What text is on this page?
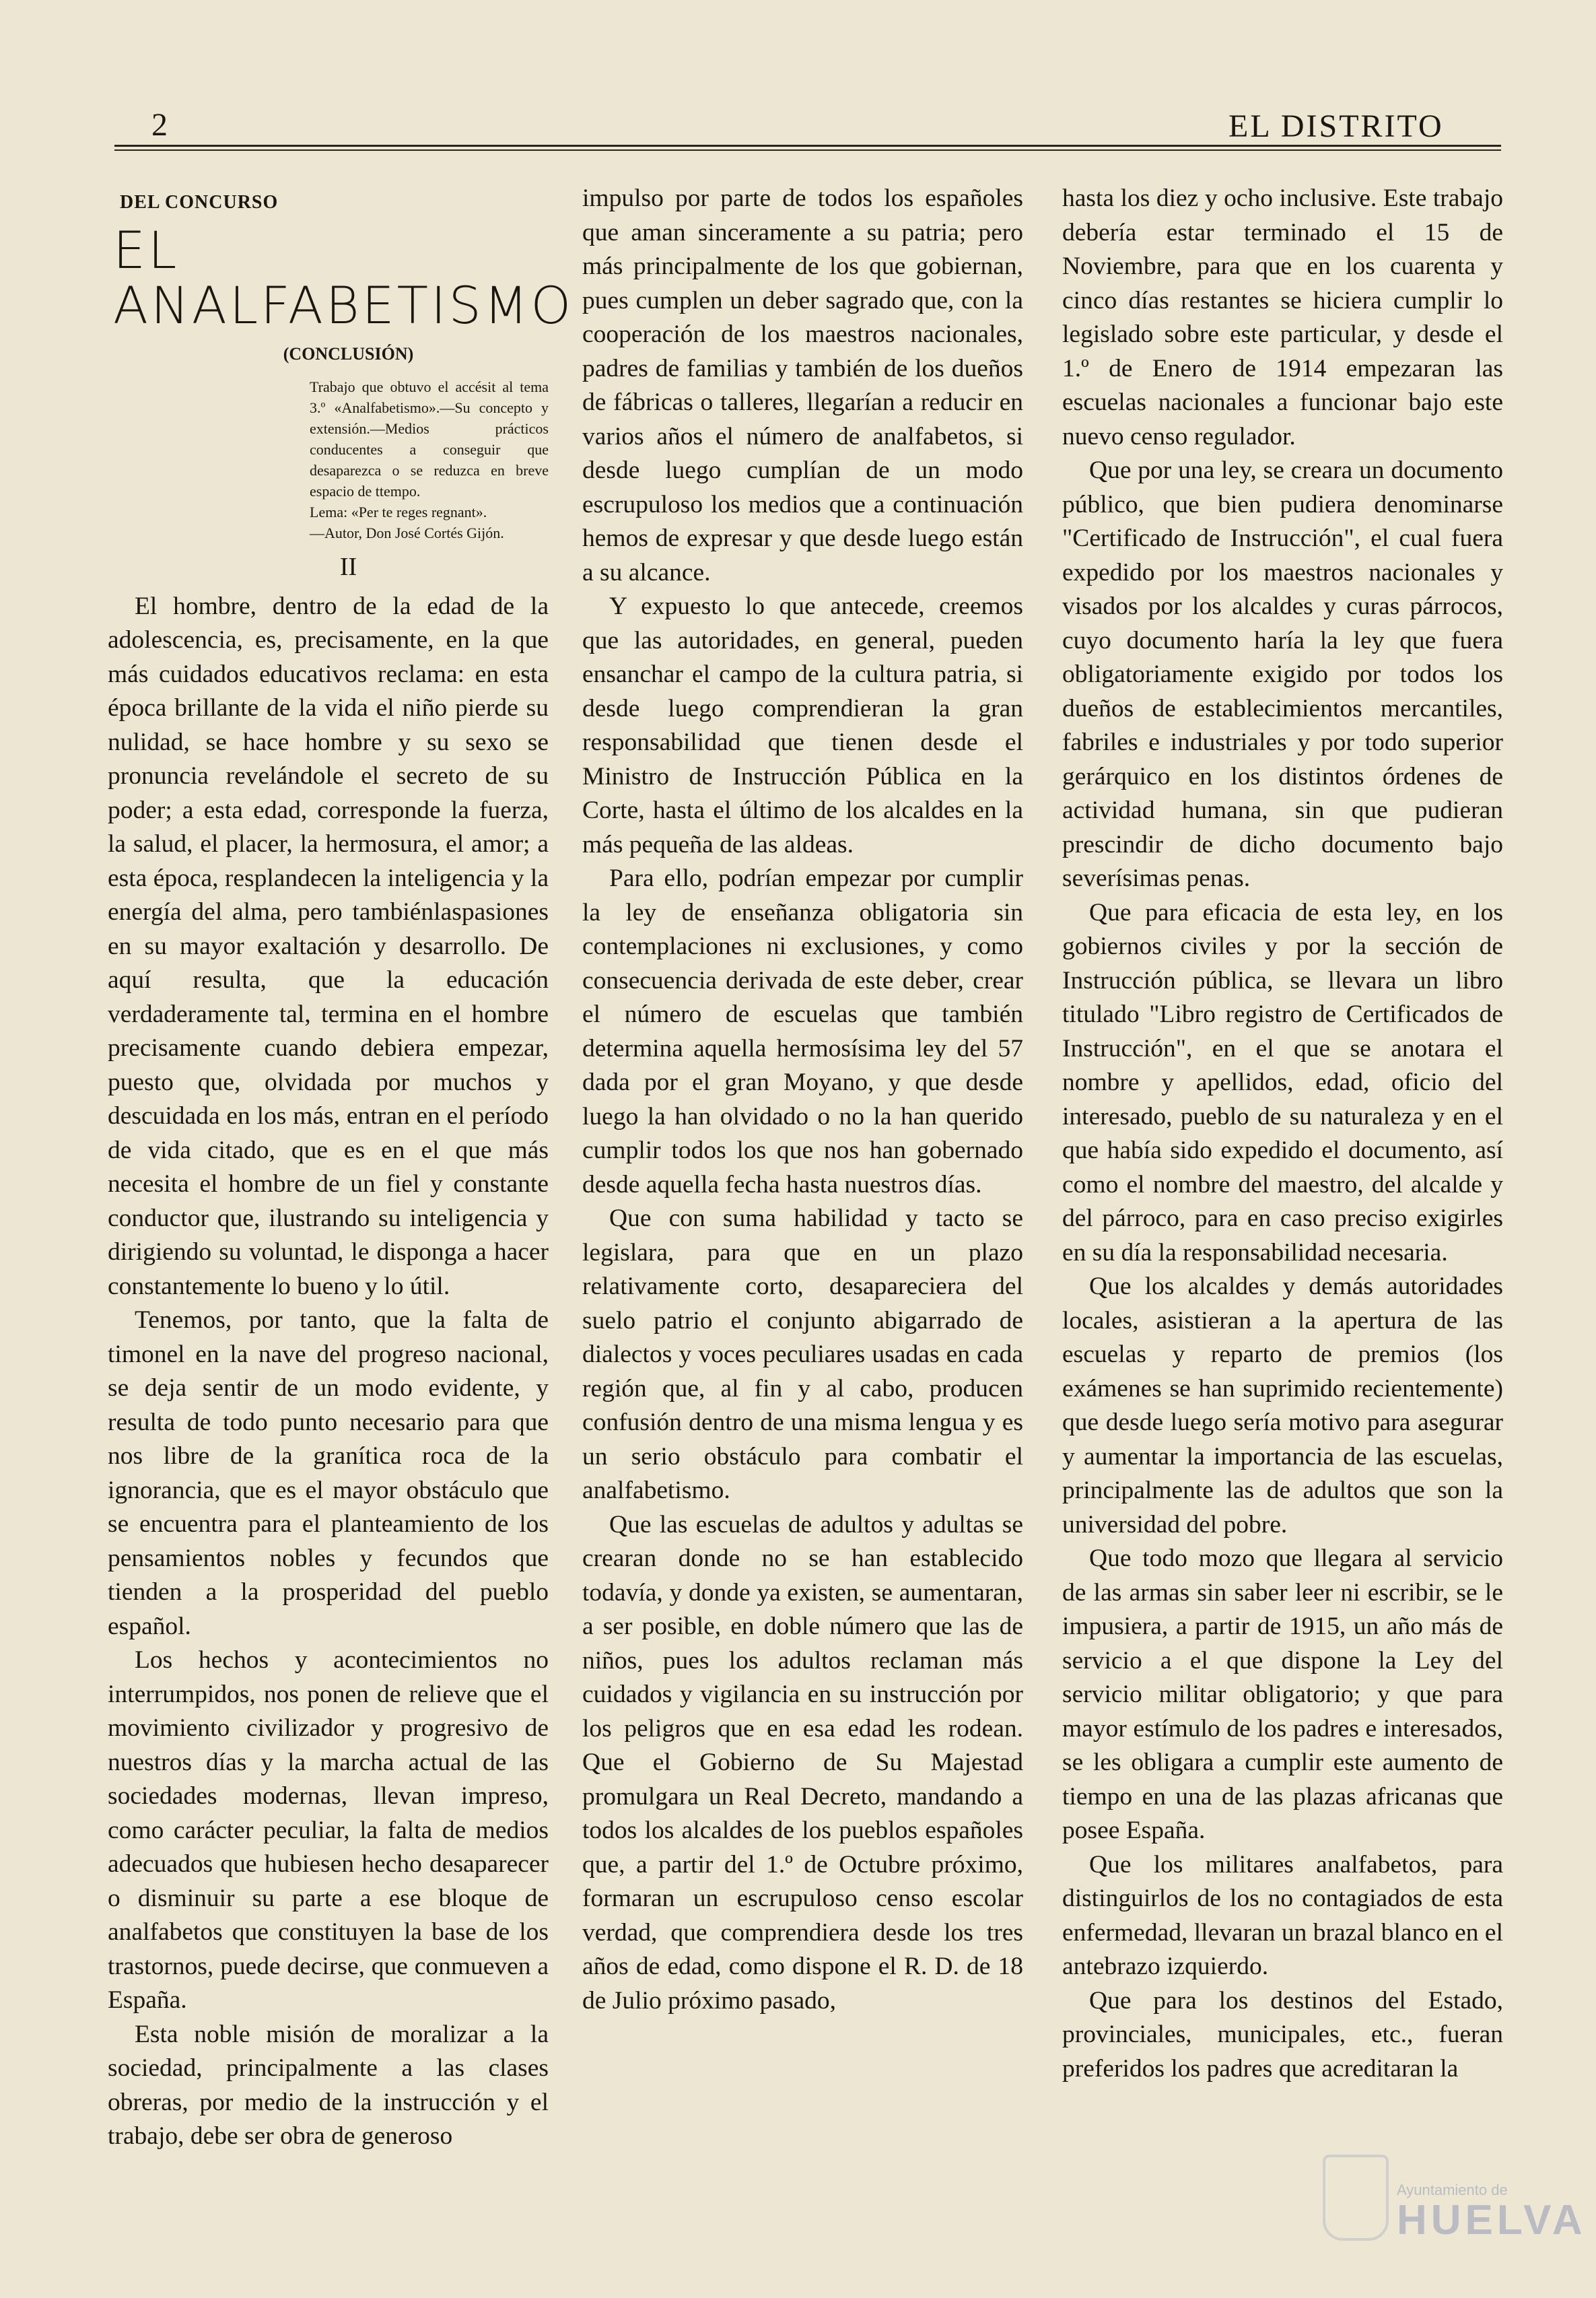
2	EL DISTRITO
DEL CONCURSO
EL ANALFABETISMO
(CONCLUSIÓN)

Trabajo que obtuvo el accésit al tema 3.º «Analfabetismo».—Su concepto y extensión.—Medios prácticos conducentes a conseguir que desaparezca o se reduzca en breve espacio de ttempo.

Lema: «Per te reges regnant».

—Autor, Don José Cortés Gijón.

II

El hombre, dentro de la edad de la adolescencia, es, precisamente, en la que más cuidados educativos reclama: en esta época brillante de la vida el niño pierde su nulidad, se hace hombre y su sexo se pronuncia revelándole el secreto de su poder; a esta edad, corresponde la fuerza, la salud, el placer, la hermosura, el amor; a esta época, resplandecen la inteligencia y la energía del alma, pero tambiénlaspasiones en su mayor exaltación y desarrollo. De aquí resulta, que la educación verdaderamente tal, termina en el hombre precisamente cuando debiera empezar, puesto que, olvidada por muchos y descuidada en los más, entran en el período de vida citado, que es en el que más necesita el hombre de un fiel y constante conductor que, ilustrando su inteligencia y dirigiendo su voluntad, le disponga a hacer constantemente lo bueno y lo útil.

Tenemos, por tanto, que la falta de timonel en la nave del progreso nacional, se deja sentir de un modo evidente, y resulta de todo punto necesario para que nos libre de la granítica roca de la ignorancia, que es el mayor obstáculo que se encuentra para el planteamiento de los pensamientos nobles y fecundos que tienden a la prosperidad del pueblo español.

Los hechos y acontecimientos no interrumpidos, nos ponen de relieve que el movimiento civilizador y progresivo de nuestros días y la marcha actual de las sociedades modernas, llevan impreso, como carácter peculiar, la falta de medios adecuados que hubiesen hecho desaparecer o disminuir su parte a ese bloque de analfabetos que constituyen la base de los trastornos, puede decirse, que conmueven a España.

Esta noble misión de moralizar a la sociedad, principalmente a las clases obreras, por medio de la instrucción y el trabajo, debe ser obra de generoso

impulso por parte de todos los españoles que aman sinceramente a su patria; pero más principalmente de los que gobiernan, pues cumplen un deber sagrado que, con la cooperación de los maestros nacionales, padres de familias y también de los dueños de fábricas o talleres, llegarían a reducir en varios años el número de analfabetos, si desde luego cumplían de un modo escrupuloso los medios que a continuación hemos de expresar y que desde luego están a su alcance.

Y expuesto lo que antecede, creemos que las autoridades, en general, pueden ensanchar el campo de la cultura patria, si desde luego comprendieran la gran responsabilidad que tienen desde el Ministro de Instrucción Pública en la Corte, hasta el último de los alcaldes en la más pequeña de las aldeas.

Para ello, podrían empezar por cumplir la ley de enseñanza obligatoria sin contemplaciones ni exclusiones, y como consecuencia derivada de este deber, crear el número de escuelas que también determina aquella hermosísima ley del 57 dada por el gran Moyano, y que desde luego la han olvidado o no la han querido cumplir todos los que nos han gobernado desde aquella fecha hasta nuestros días.

Que con suma habilidad y tacto se legislara, para que en un plazo relativamente corto, desapareciera del suelo patrio el conjunto abigarrado de dialectos y voces peculiares usadas en cada región que, al fin y al cabo, producen confusión dentro de una misma lengua y es un serio obstáculo para combatir el analfabetismo.

Que las escuelas de adultos y adultas se crearan donde no se han establecido todavía, y donde ya existen, se aumentaran, a ser posible, en doble número que las de niños, pues los adultos reclaman más cuidados y vigilancia en su instrucción por los peligros que en esa edad les rodean. Que el Gobierno de Su Majestad promulgara un Real Decreto, mandando a todos los alcaldes de los pueblos españoles que, a partir del 1.º de Octubre próximo, formaran un escrupuloso censo escolar verdad, que comprendiera desde los tres años de edad, como dispone el R. D. de 18 de Julio próximo pasado,

hasta los diez y ocho inclusive. Este trabajo debería estar terminado el 15 de Noviembre, para que en los cuarenta y cinco días restantes se hiciera cumplir lo legislado sobre este particular, y desde el 1.º de Enero de 1914 empezaran las escuelas nacionales a funcionar bajo este nuevo censo regulador.

Que por una ley, se creara un documento público, que bien pudiera denominarse "Certificado de Instrucción", el cual fuera expedido por los maestros nacionales y visados por los alcaldes y curas párrocos, cuyo documento haría la ley que fuera obligatoriamente exigido por todos los dueños de establecimientos mercantiles, fabriles e industriales y por todo superior gerárquico en los distintos órdenes de actividad humana, sin que pudieran prescindir de dicho documento bajo severísimas penas.

Que para eficacia de esta ley, en los gobiernos civiles y por la sección de Instrucción pública, se llevara un libro titulado "Libro registro de Certificados de Instrucción", en el que se anotara el nombre y apellidos, edad, oficio del interesado, pueblo de su naturaleza y en el que había sido expedido el documento, así como el nombre del maestro, del alcalde y del párroco, para en caso preciso exigirles en su día la responsabilidad necesaria.

Que los alcaldes y demás autoridades locales, asistieran a la apertura de las escuelas y reparto de premios (los exámenes se han suprimido recientemente) que desde luego sería motivo para asegurar y aumentar la importancia de las escuelas, principalmente las de adultos que son la universidad del pobre.

Que todo mozo que llegara al servicio de las armas sin saber leer ni escribir, se le impusiera, a partir de 1915, un año más de servicio a el que dispone la Ley del servicio militar obligatorio; y que para mayor estímulo de los padres e interesados, se les obligara a cumplir este aumento de tiempo en una de las plazas africanas que posee España.

Que los militares analfabetos, para distinguirlos de los no contagiados de esta enfermedad, llevaran un brazal blanco en el antebrazo izquierdo.

Que para los destinos del Estado, provinciales, municipales, etc., fueran preferidos los padres que acreditaran la

Ayuntamiento de
HUELVA
